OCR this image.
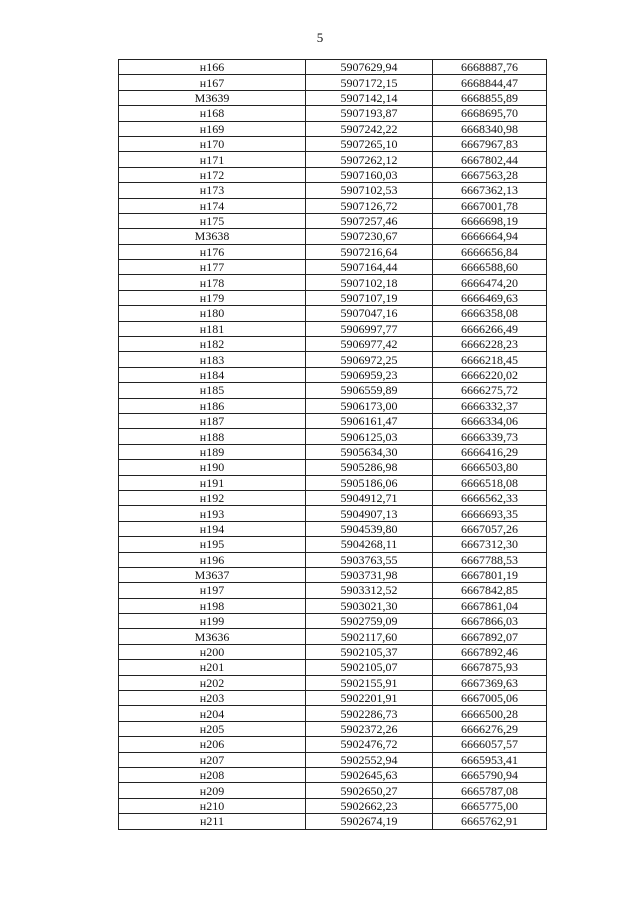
5
н166	5907629,94	6668887,76
н167	5907172,15	6668844,47
МЗ639	5907142,14	6668855,89
н168	5907193,87	6668695,70
н169	5907242,22	6668340,98
н170	5907265,10	6667967,83
н171	5907262,12	6667802,44
н172	5907160,03	6667563,28
н173	5907102,53	6667362,13
н174	5907126,72	6667001,78
н175	5907257,46	6666698,19
МЗ638	5907230,67	6666664,94
н176	5907216,64	6666656,84
н177	5907164,44	6666588,60
н178	5907102,18	6666474,20
н179	5907107,19	6666469,63
н180	5907047,16	6666358,08
н181	5906997,77	6666266,49
н182	5906977,42	6666228,23
н183	5906972,25	6666218,45
н184	5906959,23	6666220,02
н185	5906559,89	6666275,72
н186	5906173,00	6666332,37
н187	5906161,47	6666334,06
н188	5906125,03	6666339,73
н189	5905634,30	6666416,29
н190	5905286,98	6666503,80
н191	5905186,06	6666518,08
н192	5904912,71	6666562,33
н193	5904907,13	6666693,35
н194	5904539,80	6667057,26
н195	5904268,11	6667312,30
н196	5903763,55	6667788,53
МЗ637	5903731,98	6667801,19
н197	5903312,52	6667842,85
н198	5903021,30	6667861,04
н199	5902759,09	6667866,03
МЗ636	5902117,60	6667892,07
н200	5902105,37	6667892,46
н201	5902105,07	6667875,93
н202	5902155,91	6667369,63
н203	5902201,91	6667005,06
н204	5902286,73	6666500,28
н205	5902372,26	6666276,29
н206	5902476,72	6666057,57
н207	5902552,94	6665953,41
н208	5902645,63	6665790,94
н209	5902650,27	6665787,08
н210	5902662,23	6665775,00
н211	5902674,19	6665762,91
